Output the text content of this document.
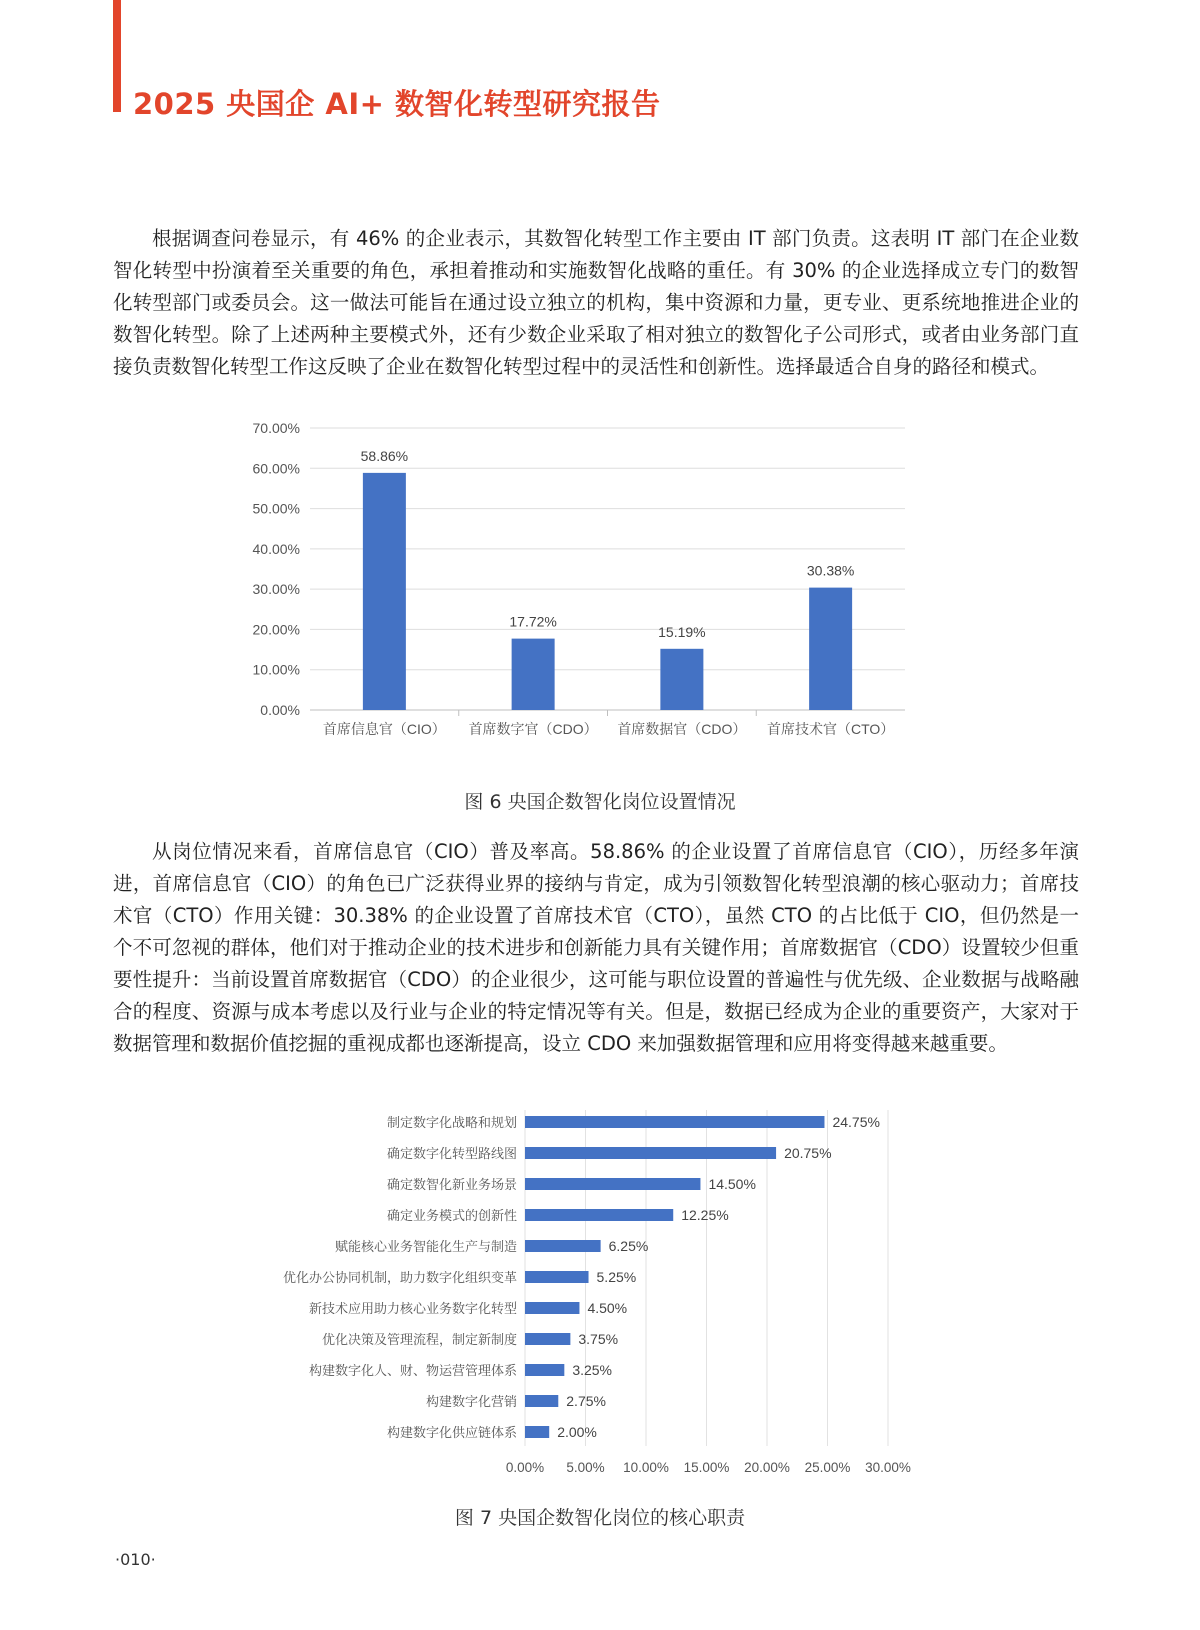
2025 央国企 AI+ 数智化转型研究报告

根据调查问卷显示，有 46% 的企业表示，其数智化转型工作主要由 IT 部门负责。这表明 IT 部门在企业数智化转型中扮演着至关重要的角色，承担着推动和实施数智化战略的重任。有 30% 的企业选择成立专门的数智化转型部门或委员会。这一做法可能旨在通过设立独立的机构，集中资源和力量，更专业、更系统地推进企业的数智化转型。除了上述两种主要模式外，还有少数企业采取了相对独立的数智化子公司形式，或者由业务部门直接负责数智化转型工作这反映了企业在数智化转型过程中的灵活性和创新性。选择最适合自身的路径和模式。

0.00%
10.00%
20.00%
30.00%
40.00%
50.00%
60.00%
70.00%
58.86%
首席信息官（CIO）
17.72%
首席数字官（CDO）
15.19%
首席数据官（CDO）
30.38%
首席技术官（CTO）

图 6 央国企数智化岗位设置情况

从岗位情况来看，首席信息官（CIO）普及率高。58.86% 的企业设置了首席信息官（CIO），历经多年演进，首席信息官（CIO）的角色已广泛获得业界的接纳与肯定，成为引领数智化转型浪潮的核心驱动力；首席技术官（CTO）作用关键：30.38% 的企业设置了首席技术官（CTO），虽然 CTO 的占比低于 CIO，但仍然是一个不可忽视的群体，他们对于推动企业的技术进步和创新能力具有关键作用；首席数据官（CDO）设置较少但重要性提升：当前设置首席数据官（CDO）的企业很少，这可能与职位设置的普遍性与优先级、企业数据与战略融合的程度、资源与成本考虑以及行业与企业的特定情况等有关。但是，数据已经成为企业的重要资产，大家对于数据管理和数据价值挖掘的重视成都也逐渐提高，设立 CDO 来加强数据管理和应用将变得越来越重要。

0.00% 5.00% 10.00% 15.00% 20.00% 25.00% 30.00%
24.75%
制定数字化战略和规划
20.75%
确定数字化转型路线图
14.50%
确定数智化新业务场景
12.25%
确定业务模式的创新性
6.25%
赋能核心业务智能化生产与制造
5.25%
优化办公协同机制，助力数字化组织变革
4.50%
新技术应用助力核心业务数字化转型
3.75%
优化决策及管理流程，制定新制度
3.25%
构建数字化人、财、物运营管理体系
2.75%
构建数字化营销
2.00%
构建数字化供应链体系

图 7 央国企数智化岗位的核心职责

·010·
